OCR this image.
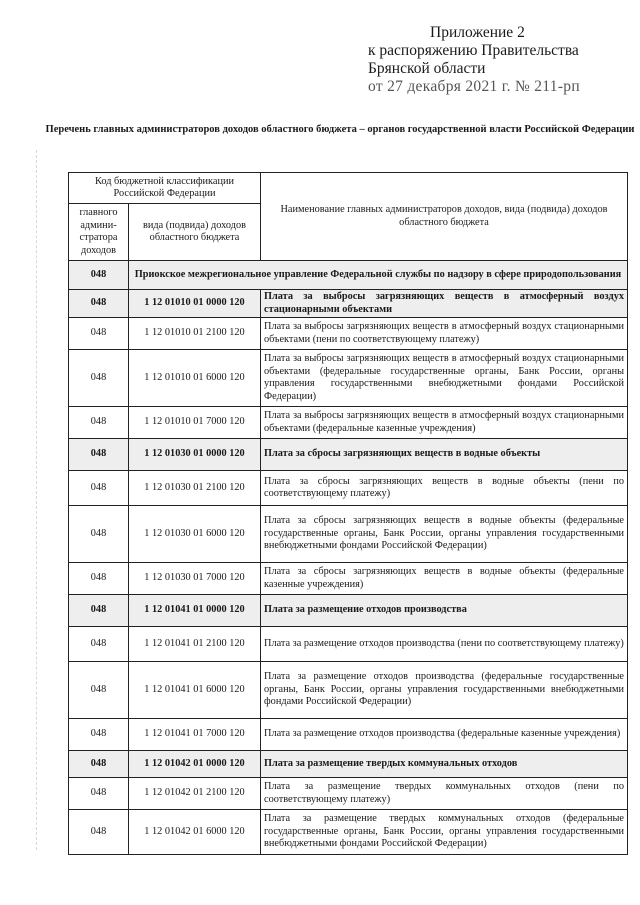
Приложение 2
к распоряжению Правительства
Брянской области
от 27 декабря 2021 г. № 211-рп
Перечень главных администраторов доходов областного бюджета – органов государственной власти Российской Федерации
Код бюджетной классификации Российской Федерации		Наименование главных администраторов доходов, вида (подвида) доходов областного бюджета
главного админи-стратора доходов	вида (подвида) доходов областного бюджета	
048	Приокское межрегиональное управление Федеральной службы по надзору в сфере природопользования	
048	1 12 01010 01 0000 120	Плата за выбросы загрязняющих веществ в атмосферный воздух стационарными объектами
048	1 12 01010 01 2100 120	Плата за выбросы загрязняющих веществ в атмосферный воздух стационарными объектами (пени по соответствующему платежу)
048	1 12 01010 01 6000 120	Плата за выбросы загрязняющих веществ в атмосферный воздух стационарными объектами (федеральные государственные органы, Банк России, органы управления государственными внебюджетными фондами Российской Федерации)
048	1 12 01010 01 7000 120	Плата за выбросы загрязняющих веществ в атмосферный воздух стационарными объектами (федеральные казенные учреждения)
048	1 12 01030 01 0000 120	Плата за сбросы загрязняющих веществ в водные объекты
048	1 12 01030 01 2100 120	Плата за сбросы загрязняющих веществ в водные объекты (пени по соответствующему платежу)
048	1 12 01030 01 6000 120	Плата за сбросы загрязняющих веществ в водные объекты (федеральные государственные органы, Банк России, органы управления государственными внебюджетными фондами Российской Федерации)
048	1 12 01030 01 7000 120	Плата за сбросы загрязняющих веществ в водные объекты (федеральные казенные учреждения)
048	1 12 01041 01 0000 120	Плата за размещение отходов производства
048	1 12 01041 01 2100 120	Плата за размещение отходов производства (пени по соответствующему платежу)
048	1 12 01041 01 6000 120	Плата за размещение отходов производства (федеральные государственные органы, Банк России, органы управления государственными внебюджетными фондами Российской Федерации)
048	1 12 01041 01 7000 120	Плата за размещение отходов производства (федеральные казенные учреждения)
048	1 12 01042 01 0000 120	Плата за размещение твердых коммунальных отходов
048	1 12 01042 01 2100 120	Плата за размещение твердых коммунальных отходов (пени по соответствующему платежу)
048	1 12 01042 01 6000 120	Плата за размещение твердых коммунальных отходов (федеральные государственные органы, Банк России, органы управления государственными внебюджетными фондами Российской Федерации)
